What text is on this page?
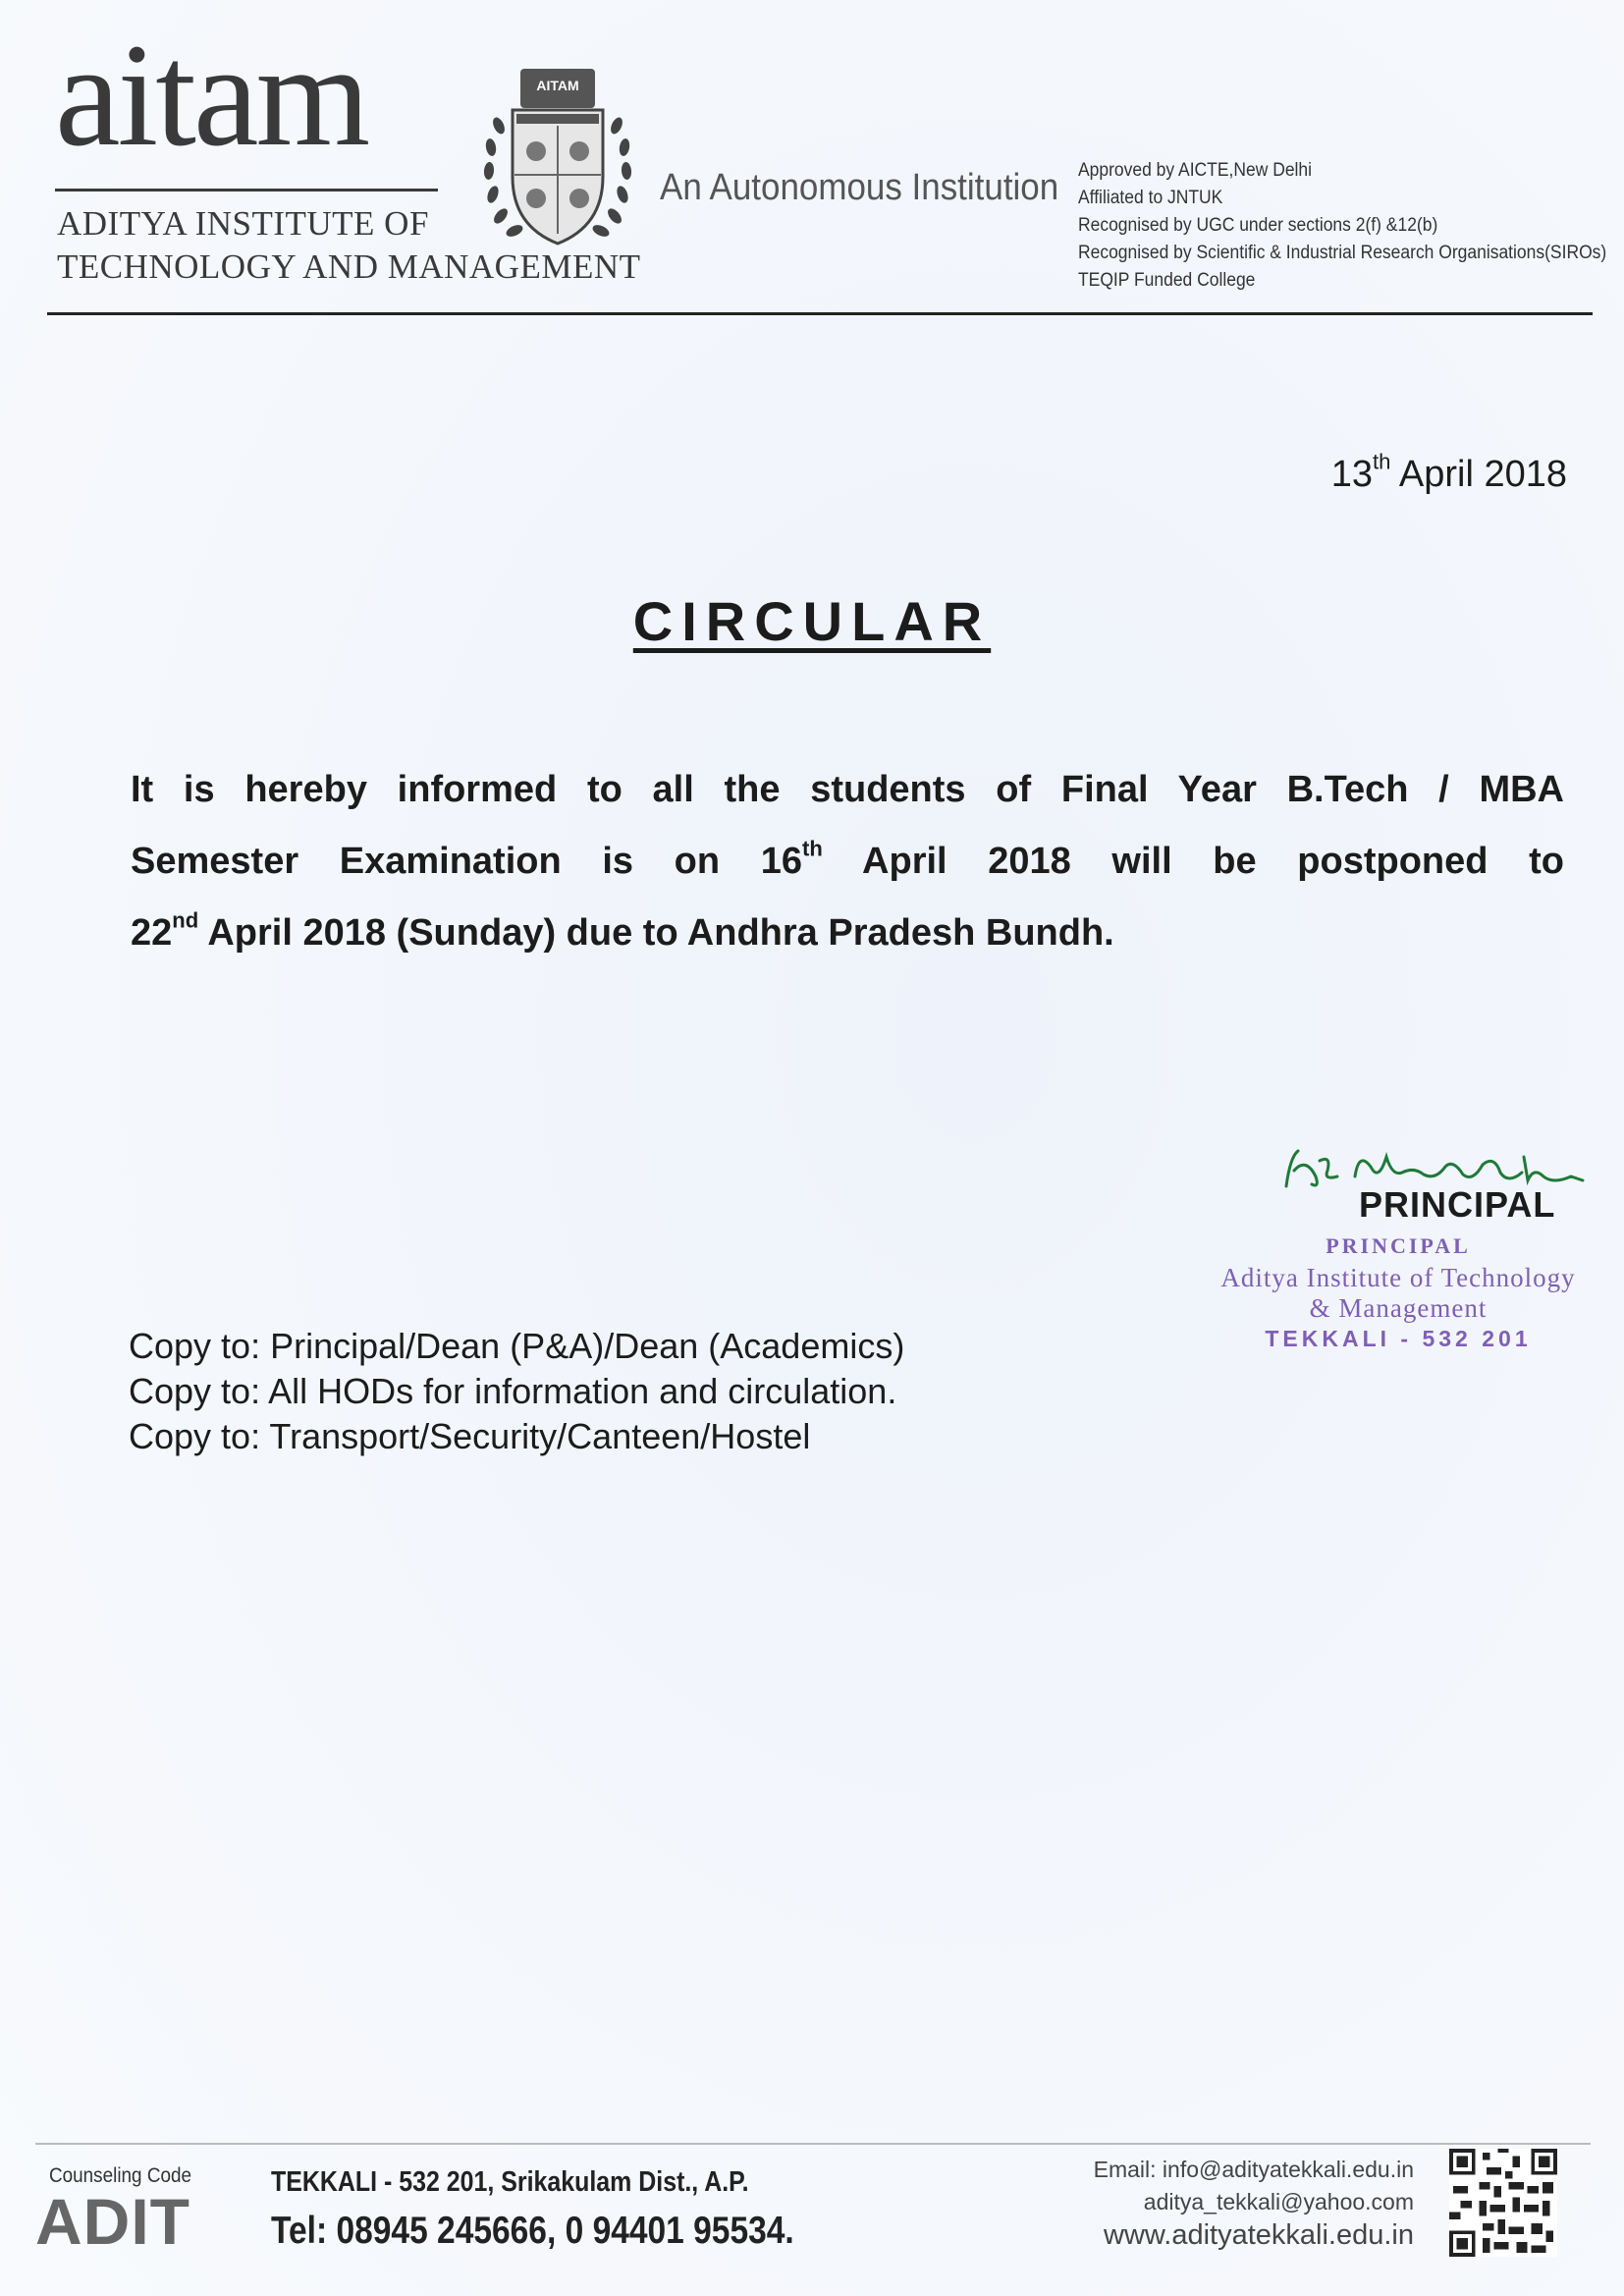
aitam
ADITYA INSTITUTE OF
TECHNOLOGY AND MANAGEMENT
AITAM
An Autonomous Institution Approved by AICTE,New Delhi
Affiliated to JNTUK
Recognised by UGC under sections 2(f) &12(b)
Recognised by Scientific & Industrial Research Organisations(SIROs)
TEQIP Funded College
13th April 2018
CIRCULAR
It is hereby informed to all the students of Final Year B.Tech / MBA
Semester Examination is on 16th April 2018 will be postponed to
22nd April 2018 (Sunday) due to Andhra Pradesh Bundh.
PRINCIPAL
PRINCIPAL
Aditya Institute of Technology
& Management
TEKKALI - 532 201
Copy to: Principal/Dean (P&A)/Dean (Academics)
Copy to: All HODs for information and circulation.
Copy to: Transport/Security/Canteen/Hostel
Counseling Code
ADIT
TEKKALI - 532 201, Srikakulam Dist., A.P.
Tel: 08945 245666, 0 94401 95534.
Email: info@adityatekkali.edu.in
aditya_tekkali@yahoo.com
www.adityatekkali.edu.in
